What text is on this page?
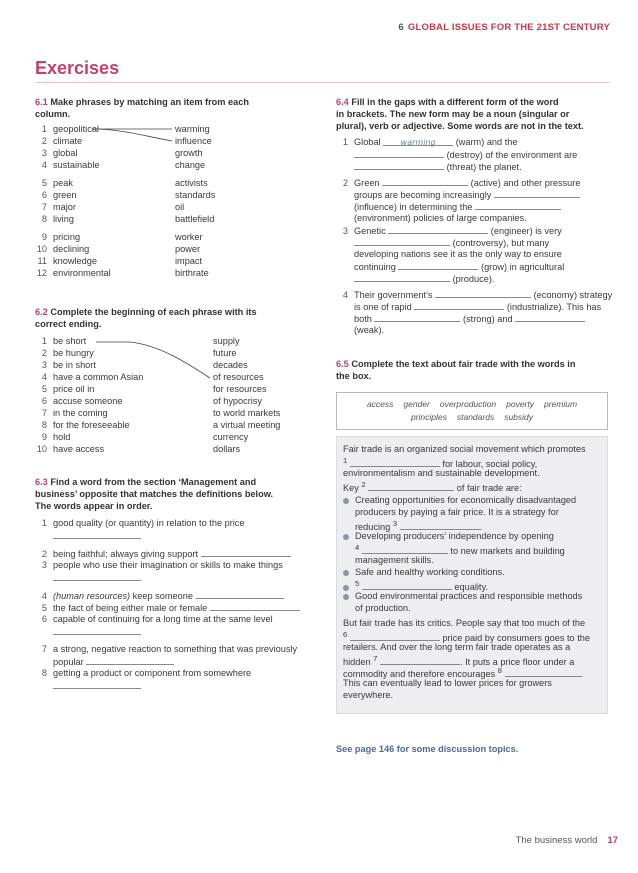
6 GLOBAL ISSUES FOR THE 21ST CENTURY
Exercises
6.1 Make phrases by matching an item from each
column.
1 geopolitical	warming
2 climate	influence
3 global	growth
4 sustainable	change
5 peak	activists
6 green	standards
7 major	oil
8 living	battlefield
9 pricing	worker
10 declining	power
11 knowledge	impact
12 environmental	birthrate
6.2 Complete the beginning of each phrase with its
correct ending.
1 be short	supply
2 be hungry	future
3 be in short	decades
4 have a common Asian	of resources
5 price oil in	for resources
6 accuse someone	of hypocrisy
7 in the coming	to world markets
8 for the foreseeable	a virtual meeting
9 hold	currency
10 have access	dollars
6.3 Find a word from the section ‘Management and
business’ opposite that matches the definitions below.
The words appear in order.
1 good quality (or quantity) in relation to the price
2 being faithful; always giving support
3 people who use their imagination or skills to make things
4 (human resources) keep someone
5 the fact of being either male or female
6 capable of continuing for a long time at the same level
7 a strong, negative reaction to something that was previously
popular
8 getting a product or component from somewhere
6.4 Fill in the gaps with a different form of the word
in brackets. The new form may be a noun (singular or
plural), verb or adjective. Some words are not in the text.
1 Global	warming (warm) and the
(destroy) of the environment are
(threat) the planet.
2 Green	(active) and other pressure
groups are becoming increasingly
(influence) in determining the
(environment) policies of large companies.
3 Genetic	(engineer) is very
(controversy), but many
developing nations see it as the only way to ensure
continuing	(grow) in agricultural
(produce).
4 Their government’s	(economy) strategy
is one of rapid	(industrialize). This has
both	(strong) and
(weak).
6.5 Complete the text about fair trade with the words in
the box.
access gender overproduction poverty premium
principles standards subsidy
Fair trade is an organized social movement which promotes
$^1$	for labour, social policy,
environmentalism and sustainable development.
Key $^2$	of fair trade are:
Creating opportunities for economically disadvantaged
producers by paying a fair price. It is a strategy for
reducing $^3$	.
Developing producers’ independence by opening
$^4$	to new markets and building
management skills.
Safe and healthy working conditions.
$^5$	equality.
Good environmental practices and responsible methods
of production.
But fair trade has its critics. People say that too much of the
$^6$	price paid by consumers goes to the
retailers. And over the long term fair trade operates as a
hidden $^7$	. It puts a price floor under a
commodity and therefore encourages $^8$	.
This can eventually lead to lower prices for growers
everywhere.
See page 146 for some discussion topics.
The business world 17
